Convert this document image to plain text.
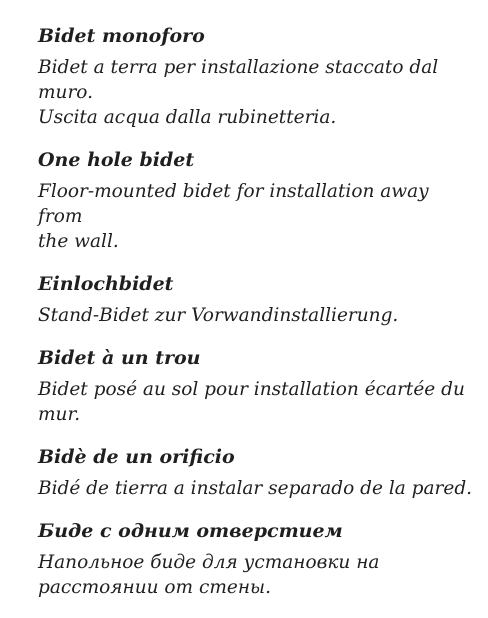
Bidet monoforo
Bidet a terra per installazione staccato dal muro.
Uscita acqua dalla rubinetteria.
One hole bidet
Floor-mounted bidet for installation away from
the wall.
Einlochbidet
Stand-Bidet zur Vorwandinstallierung.
Bidet à un trou
Bidet posé au sol pour installation écartée du mur.
Bidè de un orificio
Bidé de tierra a instalar separado de la pared.
Биде с одним отверстием
Напольное биде для установки на
расстоянии от стены.
